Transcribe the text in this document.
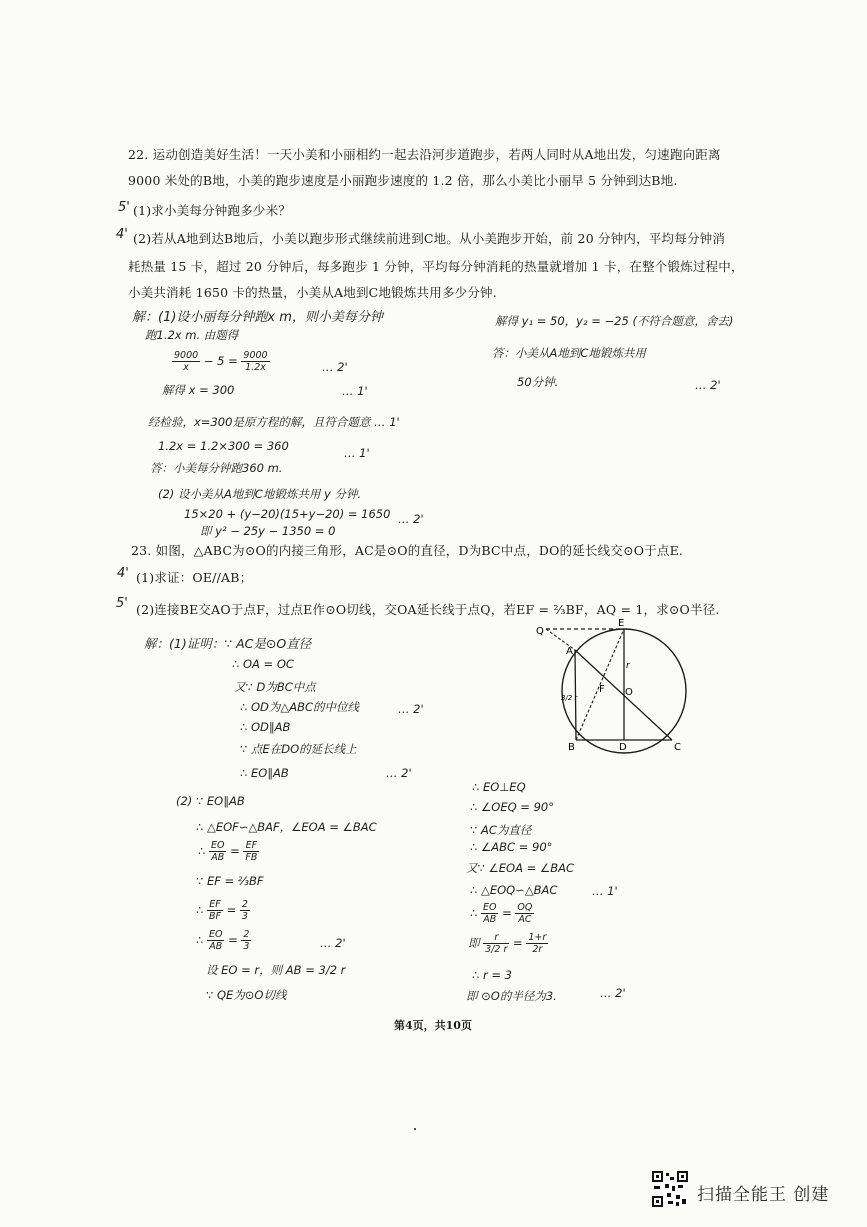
22. 运动创造美好生活！一天小美和小丽相约一起去沿河步道跑步，若两人同时从A地出发，匀速跑向距离
9000 米处的B地，小美的跑步速度是小丽跑步速度的 1.2 倍，那么小美比小丽早 5 分钟到达B地.
5' (1)求小美每分钟跑多少米？
4' (2)若从A地到达B地后，小美以跑步形式继续前进到C地。从小美跑步开始，前 20 分钟内，平均每分钟消
耗热量 15 卡，超过 20 分钟后，每多跑步 1 分钟，平均每分钟消耗的热量就增加 1 卡，在整个锻炼过程中，
小美共消耗 1650 卡的热量，小美从A地到C地锻炼共用多少分钟.
解：(1)设小丽每分钟跑x m，则小美每分钟
跑1.2x m. 由题得
$\frac{9000}{x} - 5 = \frac{9000}{1.2x}$	… 2'
解得 x = 300	… 1'
经检验，x=300是原方程的解，且符合题意 … 1'
1.2x = 1.2×300 = 360	… 1'
答：小美每分钟跑360 m.
(2) 设小美从A地到C地锻炼共用 y 分钟.
15×20 + (y−20)(15+y−20) = 1650 … 2'
即 y² − 25y − 1350 = 0
解得 y₁ = 50，y₂ = −25 (不符合题意，舍去)
答：小美从A地到C地锻炼共用
50分钟.	… 2'
23. 如图，△ABC为⊙O的内接三角形，AC是⊙O的直径，D为BC中点，DO的延长线交⊙O于点E.
4' (1)求证：OE//AB；
5' (2)连接BE交AO于点F，过点E作⊙O切线，交OA延长线于点Q，若EF = ⅔BF，AQ = 1，求⊙O半径.
解：(1)证明：∵ AC是⊙O直径
∴ OA = OC
又∵ D为BC中点
∴ OD为△ABC的中位线	… 2'
∴ OD∥AB
∵ 点E在DO的延长线上
∴ EO∥AB	… 2'
(2) ∵ EO∥AB
∴ △EOF∽△BAF，∠EOA = ∠BAC
∴ $\frac{EO}{AB} = \frac{EF}{FB}$
∵ EF = ⅔BF
∴ $\frac{EF}{BF} = \frac{2}{3}$
∴ $\frac{EO}{AB} = \frac{2}{3}$	… 2'
设 EO = r，则 AB = 3/2 r
∵ QE为⊙O切线
∴ EO⊥EQ
∴ ∠OEQ = 90°
∵ AC为直径
∴ ∠ABC = 90°
又∵ ∠EOA = ∠BAC
∴ △EOQ∽△BAC	… 1'
∴ $\frac{EO}{AB} = \frac{OQ}{AC}$
即 $\frac{r}{3/2 r} = \frac{1+r}{2r}$
∴ r = 3
即 ⊙O的半径为3.	… 2'
Q
E
A
F O
B	D	C
r
3/2 r
第4页，共10页
扫描全能王 创建
